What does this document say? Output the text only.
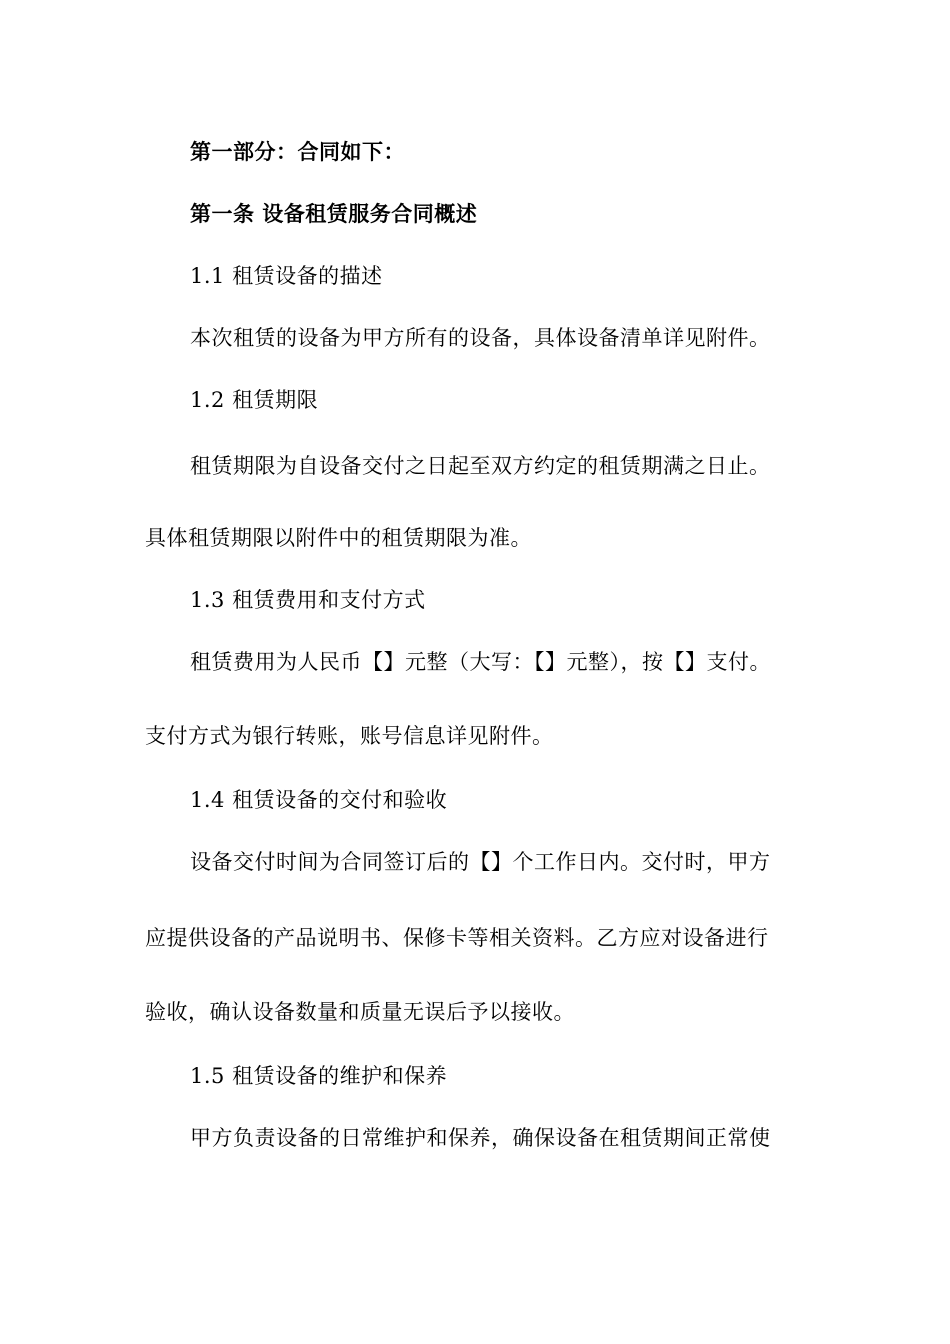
第一部分：合同如下：
第一条 设备租赁服务合同概述
1.1 租赁设备的描述
本次租赁的设备为甲方所有的设备，具体设备清单详见附件。
1.2 租赁期限
租赁期限为自设备交付之日起至双方约定的租赁期满之日止。
具体租赁期限以附件中的租赁期限为准。
1.3 租赁费用和支付方式
租赁费用为人民币【】元整（大写：【】元整），按【】支付。
支付方式为银行转账，账号信息详见附件。
1.4 租赁设备的交付和验收
设备交付时间为合同签订后的【】个工作日内。交付时，甲方
应提供设备的产品说明书、保修卡等相关资料。乙方应对设备进行
验收，确认设备数量和质量无误后予以接收。
1.5 租赁设备的维护和保养
甲方负责设备的日常维护和保养，确保设备在租赁期间正常使
